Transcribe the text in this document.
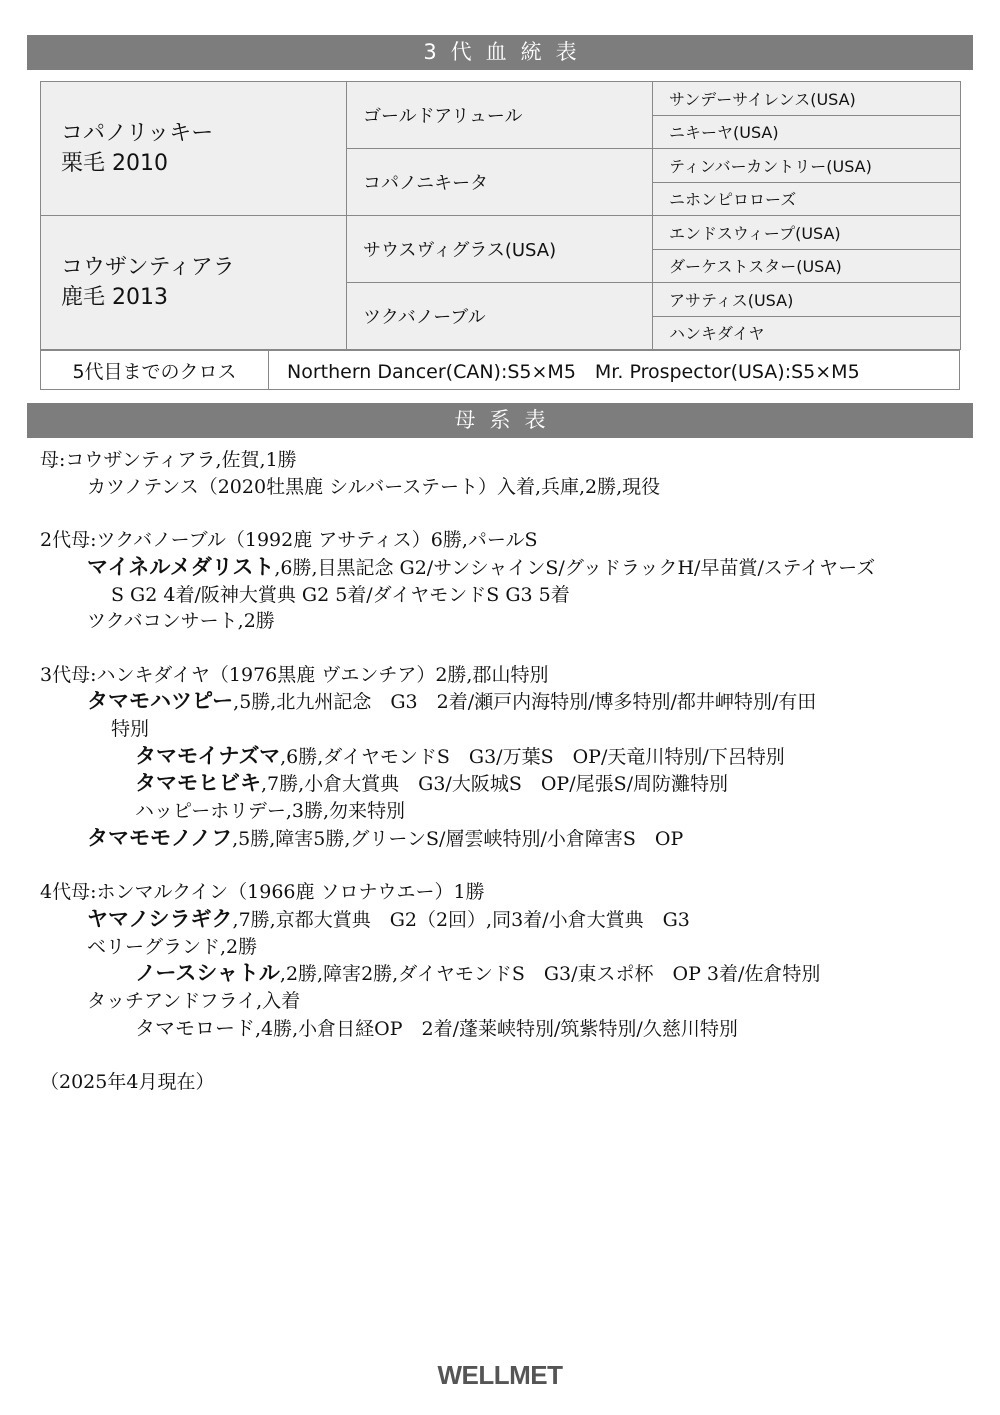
3代血統表
コパノリッキー
栗毛 2010	ゴールドアリュール	サンデーサイレンス(USA)
		ニキーヤ(USA)
	コパノニキータ	ティンバーカントリー(USA)
		ニホンピロローズ

コウザンティアラ
鹿毛 2013	サウスヴィグラス(USA)	エンドスウィープ(USA)
		ダーケストスター(USA)
	ツクバノーブル	アサティス(USA)
		ハンキダイヤ
5代目までのクロス	Northern Dancer(CAN):S5×M5　Mr. Prospector(USA):S5×M5
母系表
母:コウザンティアラ,佐賀,1勝
カツノテンス（2020牡黒鹿 シルバーステート）入着,兵庫,2勝,現役
2代母:ツクバノーブル（1992鹿 アサティス）6勝,パールS
マイネルメダリスト,6勝,目黒記念 G2/サンシャインS/グッドラックH/早苗賞/ステイヤーズ
S G2 4着/阪神大賞典 G2 5着/ダイヤモンドS G3 5着
ツクバコンサート,2勝
3代母:ハンキダイヤ（1976黒鹿 ヴエンチア）2勝,郡山特別
タマモハツピー,5勝,北九州記念　G3　2着/瀬戸内海特別/博多特別/都井岬特別/有田
特別
タマモイナズマ,6勝,ダイヤモンドS　G3/万葉S　OP/天竜川特別/下呂特別
タマモヒビキ,7勝,小倉大賞典　G3/大阪城S　OP/尾張S/周防灘特別
ハッピーホリデー,3勝,勿来特別
タマモモノノフ,5勝,障害5勝,グリーンS/層雲峡特別/小倉障害S　OP
4代母:ホンマルクイン（1966鹿 ソロナウエー）1勝
ヤマノシラギク,7勝,京都大賞典　G2（2回）,同3着/小倉大賞典　G3
ベリーグランド,2勝
ノースシャトル,2勝,障害2勝,ダイヤモンドS　G3/東スポ杯　OP 3着/佐倉特別
タッチアンドフライ,入着
タマモロード,4勝,小倉日経OP　2着/蓬莱峡特別/筑紫特別/久慈川特別
（2025年4月現在）
WELLMET
